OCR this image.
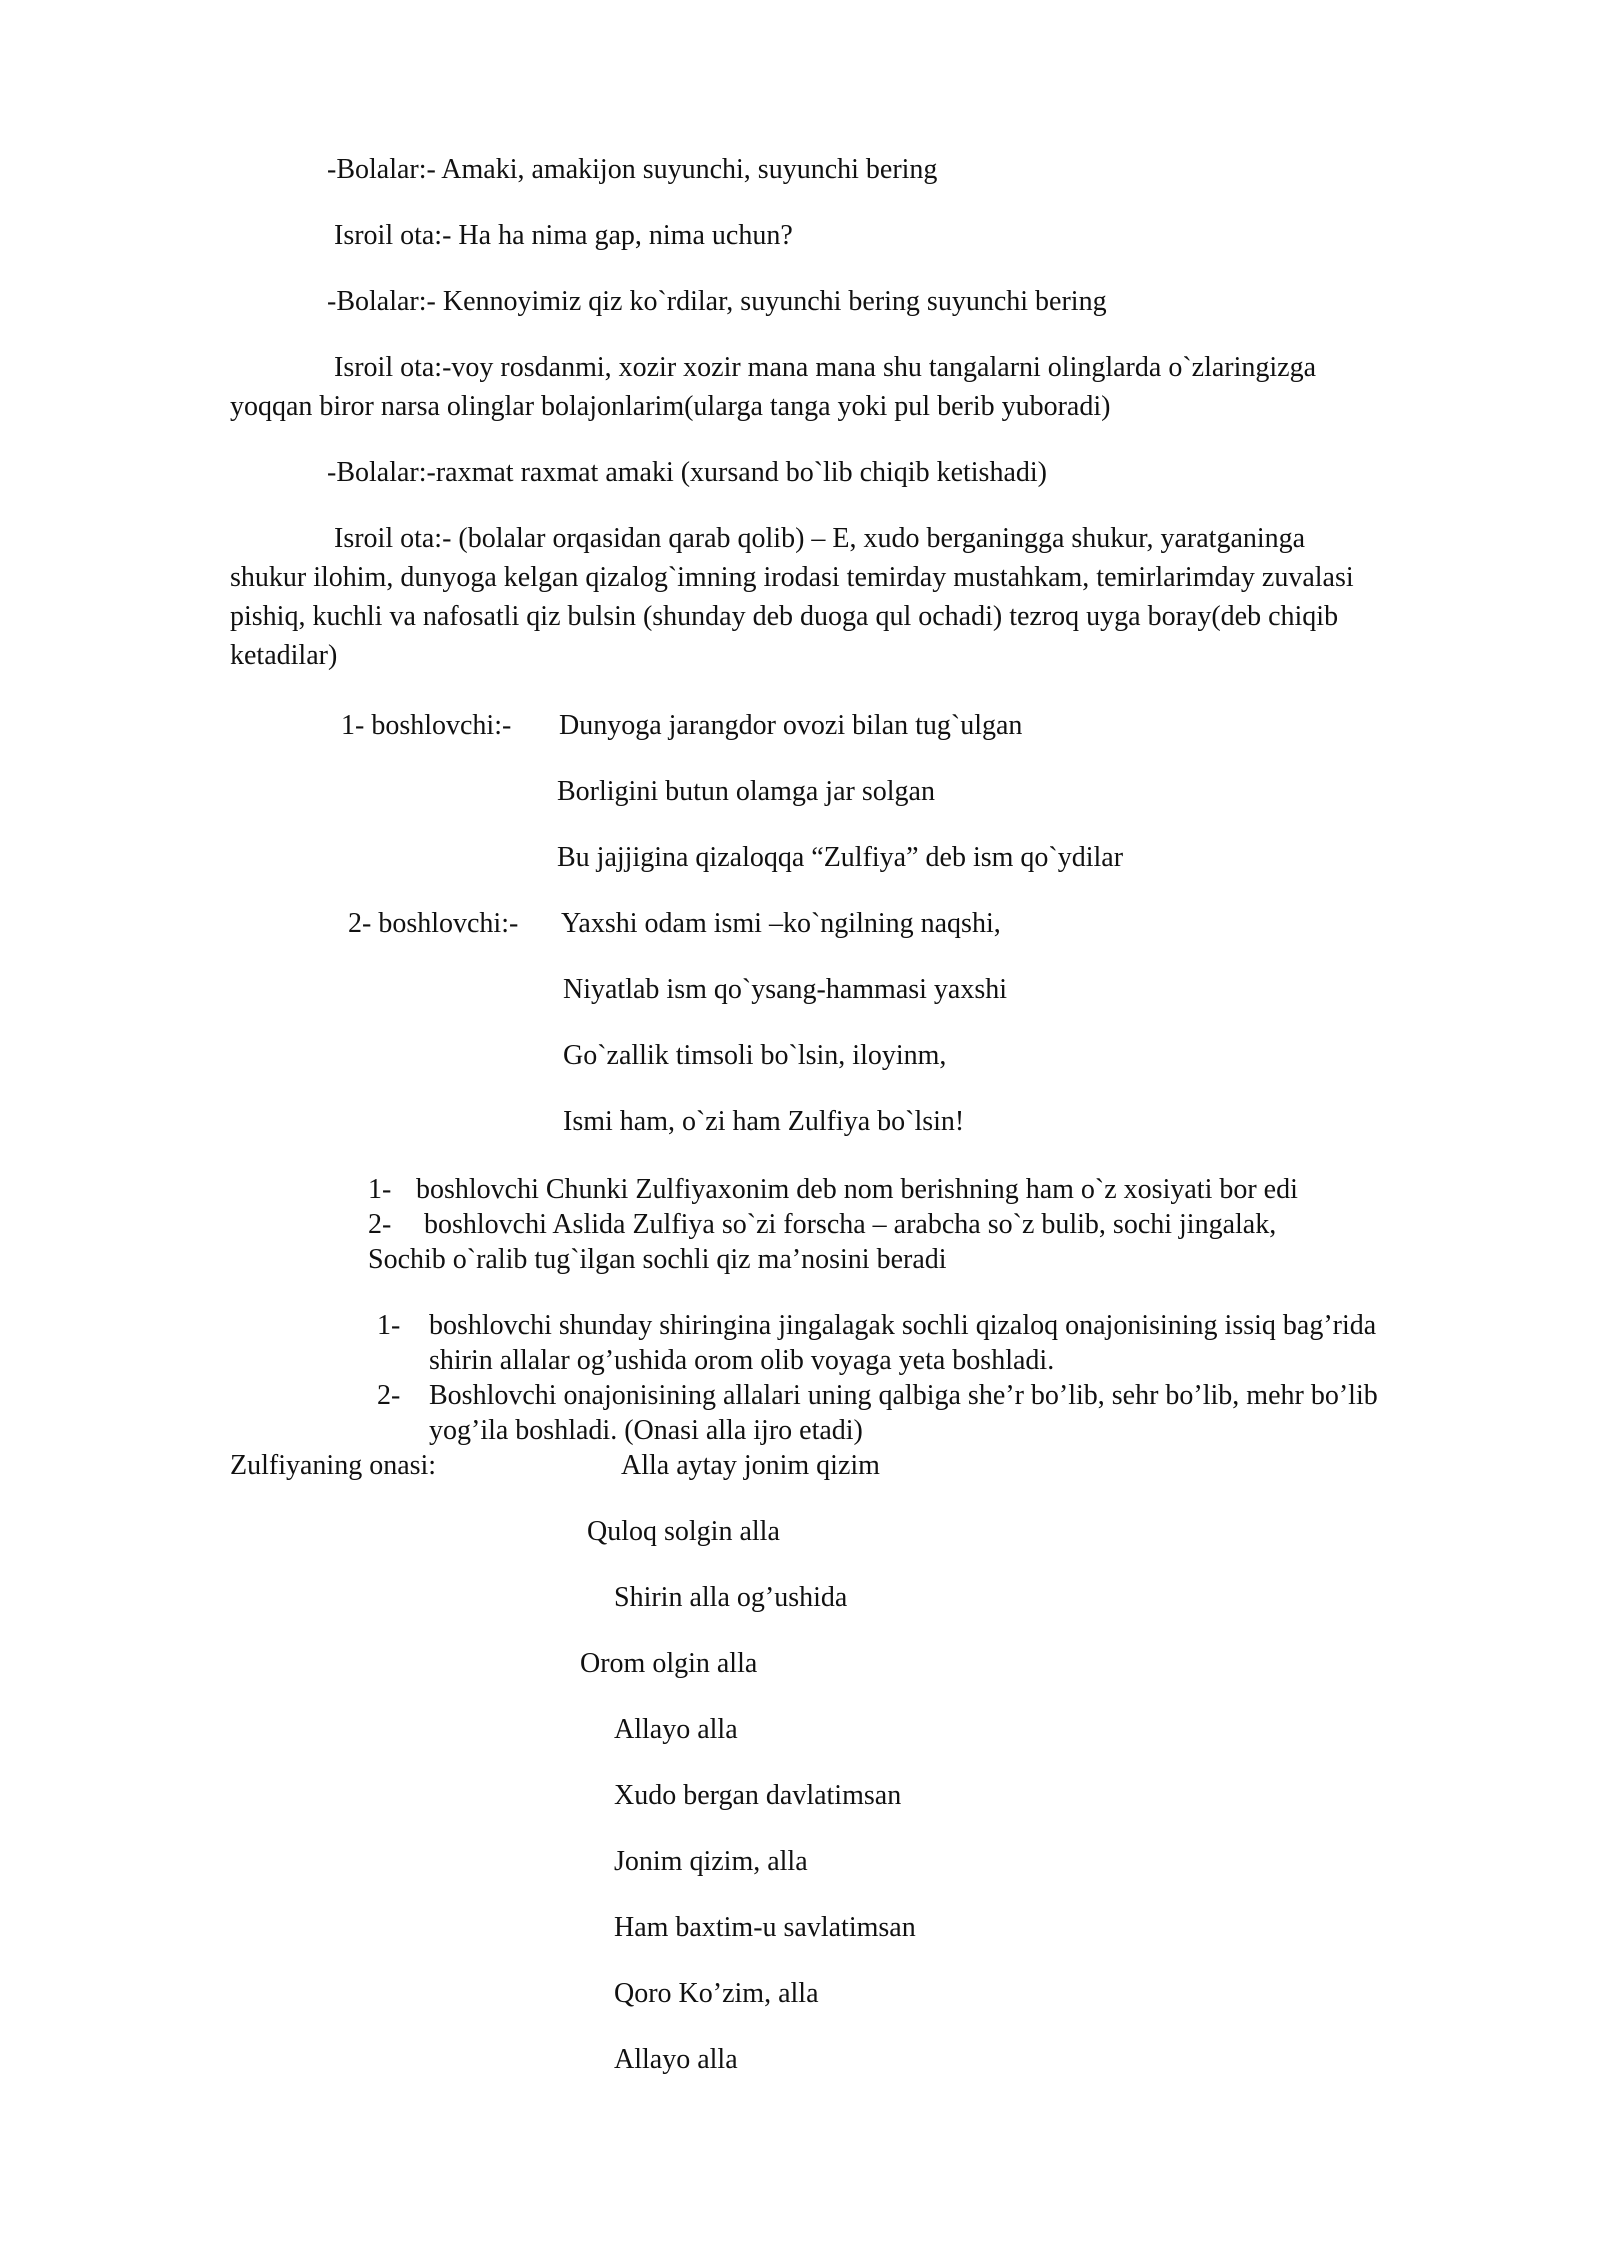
-Bolalar:- Amaki, amakijon suyunchi, suyunchi bering
Isroil ota:- Ha ha nima gap, nima uchun?
-Bolalar:- Kennoyimiz qiz ko`rdilar, suyunchi bering suyunchi bering
Isroil ota:-voy rosdanmi, xozir xozir mana mana shu tangalarni olinglarda o`zlaringizga
yoqqan biror narsa olinglar bolajonlarim(ularga tanga yoki pul berib yuboradi)
-Bolalar:-raxmat raxmat amaki (xursand bo`lib chiqib ketishadi)
Isroil ota:- (bolalar orqasidan qarab qolib) – E, xudo berganingga shukur, yaratganinga
shukur ilohim, dunyoga kelgan qizalog`imning irodasi temirday mustahkam, temirlarimday zuvalasi
pishiq, kuchli va nafosatli qiz bulsin (shunday deb duoga qul ochadi) tezroq uyga boray(deb chiqib
ketadilar)
1- boshlovchi:- Dunyoga jarangdor ovozi bilan tug`ulgan
Borligini butun olamga jar solgan
Bu jajjigina qizaloqqa “Zulfiya” deb ism qo`ydilar
2- boshlovchi:- Yaxshi odam ismi –ko`ngilning naqshi,
Niyatlab ism qo`ysang-hammasi yaxshi
Go`zallik timsoli bo`lsin, iloyinm,
Ismi ham, o`zi ham Zulfiya bo`lsin!
1- boshlovchi Chunki Zulfiyaxonim deb nom berishning ham o`z xosiyati bor edi
2- boshlovchi Aslida Zulfiya so`zi forscha – arabcha so`z bulib, sochi jingalak,
Sochib o`ralib tug`ilgan sochli qiz ma’nosini beradi
1- boshlovchi shunday shiringina jingalagak sochli qizaloq onajonisining issiq bag’rida
shirin allalar og’ushida orom olib voyaga yeta boshladi.
2- Boshlovchi onajonisining allalari uning qalbiga she’r bo’lib, sehr bo’lib, mehr bo’lib
yog’ila boshladi. (Onasi alla ijro etadi)
Zulfiyaning onasi:	Alla aytay jonim qizim
Quloq solgin alla
Shirin alla og’ushida
Orom olgin alla
Allayo alla
Xudo bergan davlatimsan
Jonim qizim, alla
Ham baxtim-u savlatimsan
Qoro Ko’zim, alla
Allayo alla
